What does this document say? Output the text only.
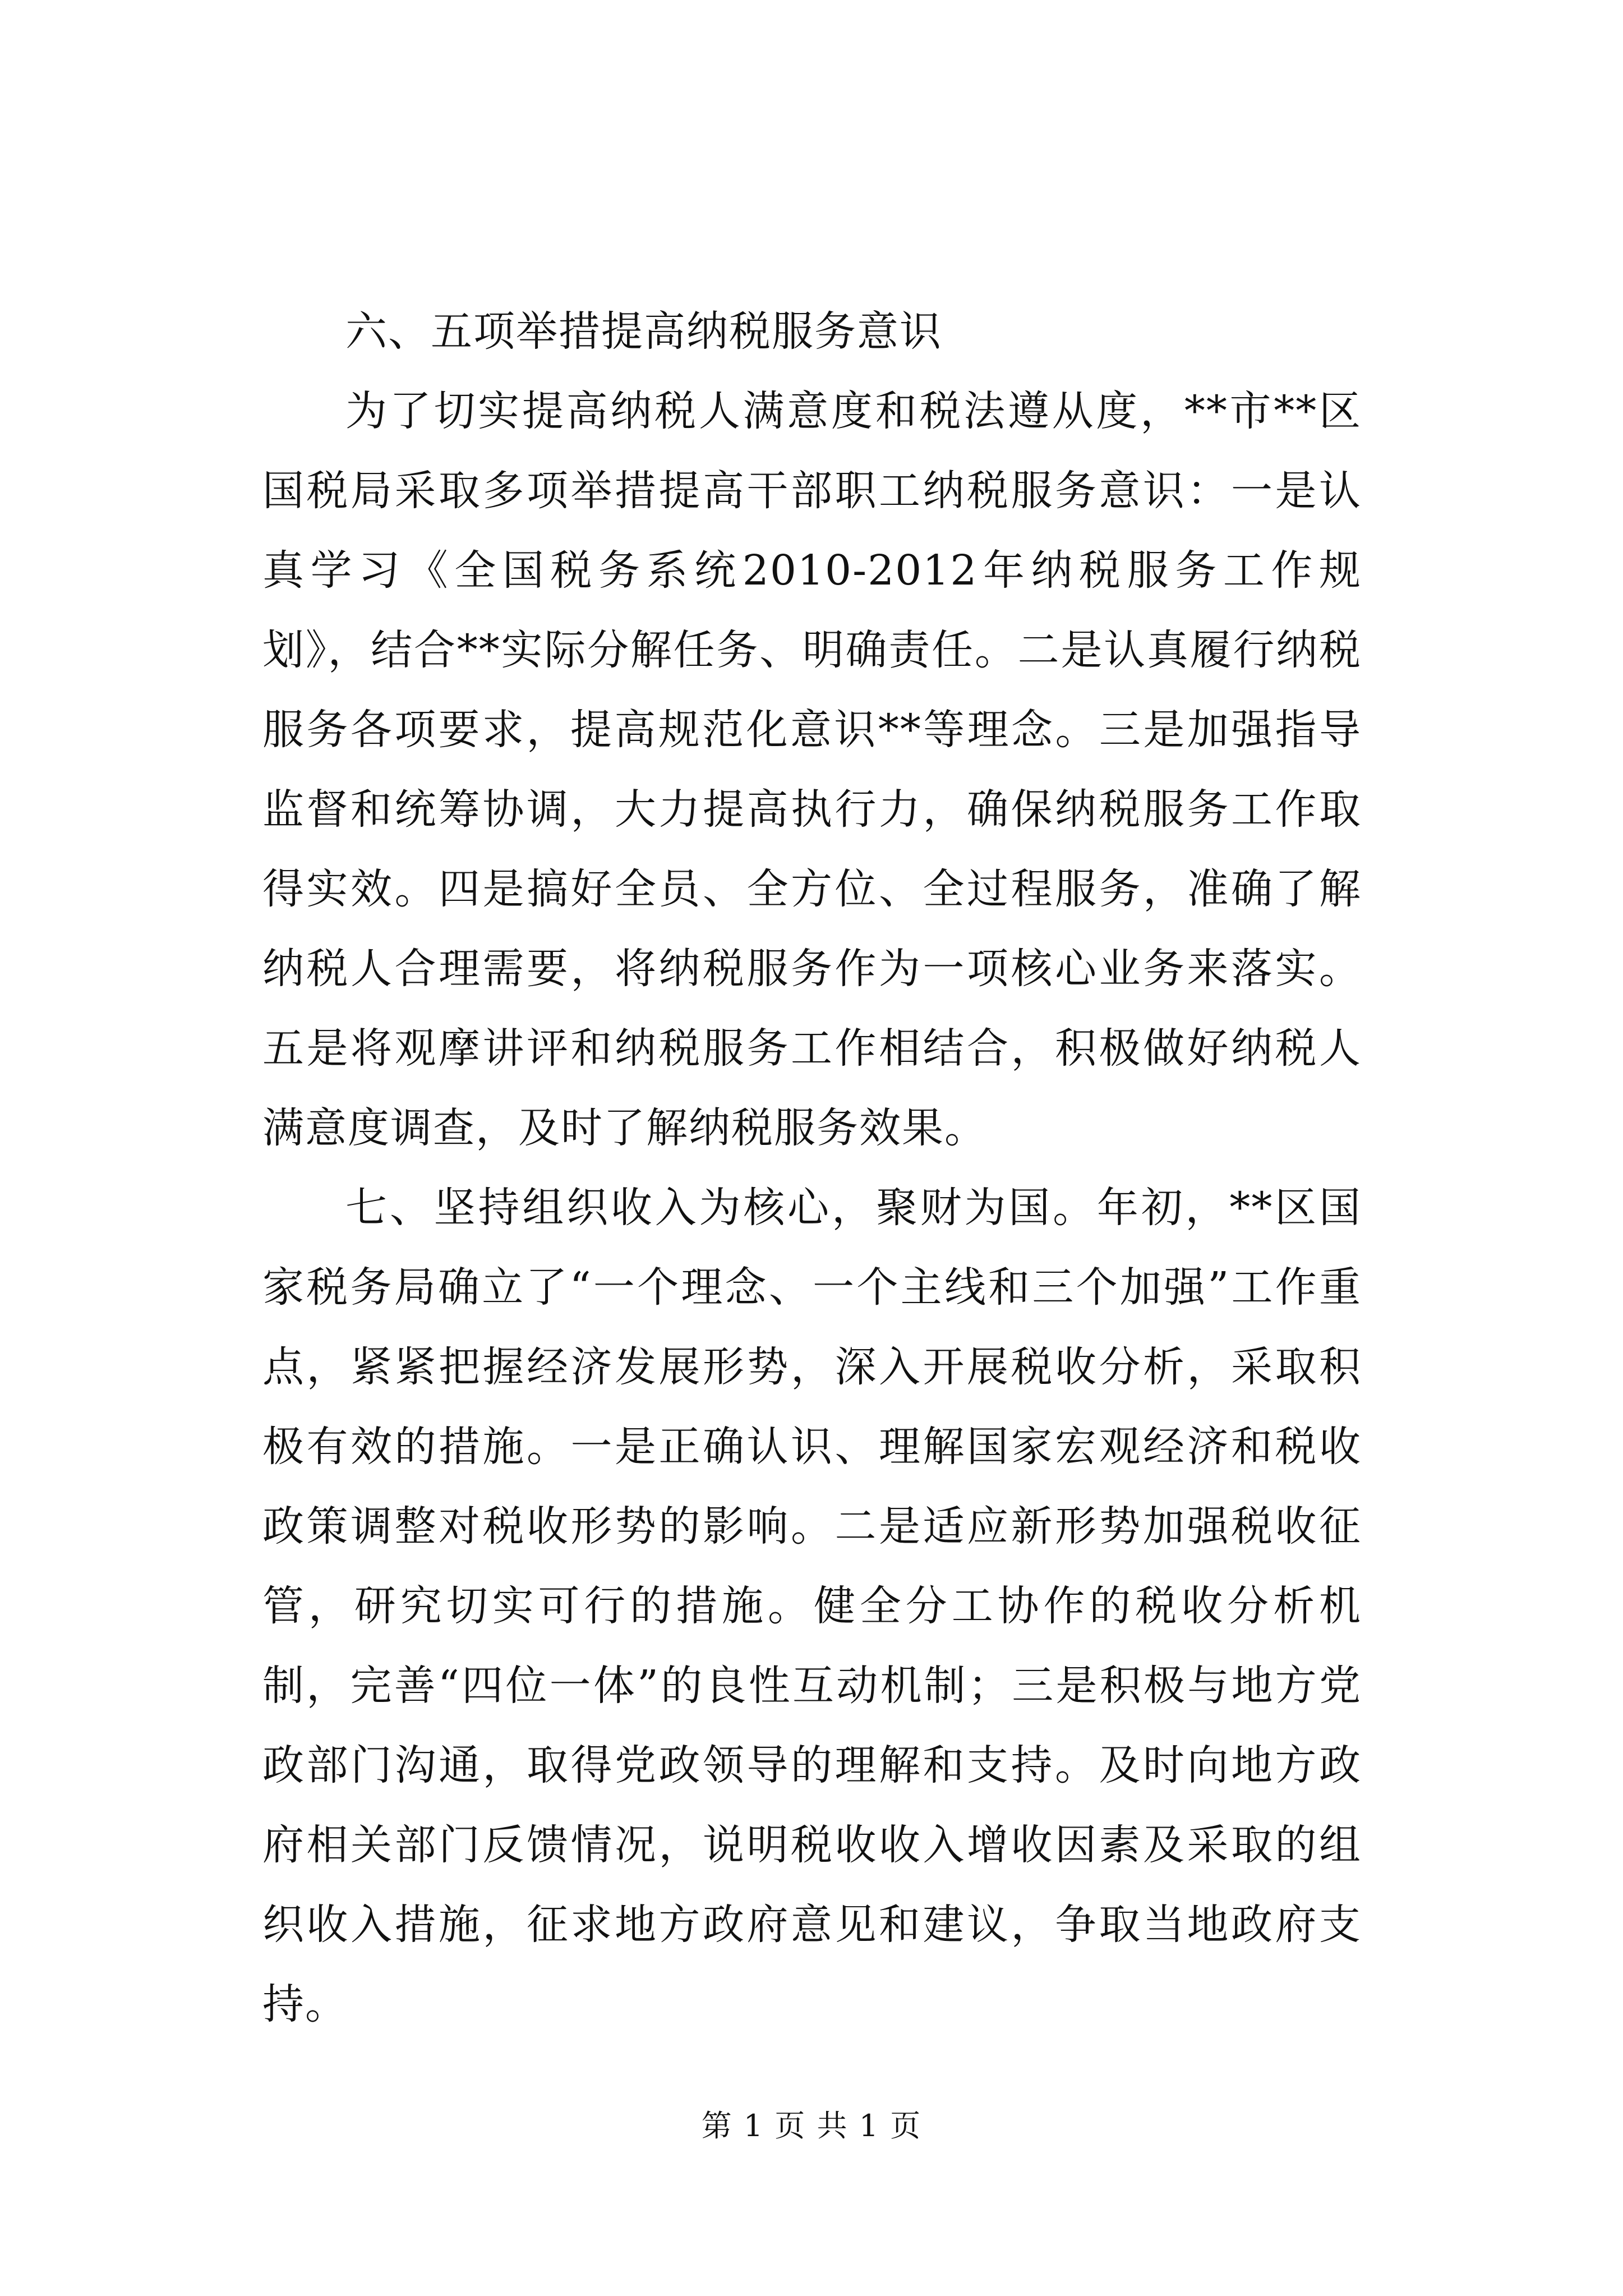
六、五项举措提高纳税服务意识

为了切实提高纳税人满意度和税法遵从度，**市**区国税局采取多项举措提高干部职工纳税服务意识：一是认真学习《全国税务系统2010-2012年纳税服务工作规划》，结合**实际分解任务、明确责任。二是认真履行纳税服务各项要求，提高规范化意识**等理念。三是加强指导监督和统筹协调，大力提高执行力，确保纳税服务工作取得实效。四是搞好全员、全方位、全过程服务，准确了解纳税人合理需要，将纳税服务作为一项核心业务来落实。五是将观摩讲评和纳税服务工作相结合，积极做好纳税人满意度调查，及时了解纳税服务效果。

七、坚持组织收入为核心，聚财为国。年初，**区国家税务局确立了“一个理念、一个主线和三个加强”工作重点，紧紧把握经济发展形势，深入开展税收分析，采取积极有效的措施。一是正确认识、理解国家宏观经济和税收政策调整对税收形势的影响。二是适应新形势加强税收征管，研究切实可行的措施。健全分工协作的税收分析机制，完善“四位一体”的良性互动机制；三是积极与地方党政部门沟通，取得党政领导的理解和支持。及时向地方政府相关部门反馈情况，说明税收收入增收因素及采取的组织收入措施，征求地方政府意见和建议，争取当地政府支持。

第 1 页 共 1 页
